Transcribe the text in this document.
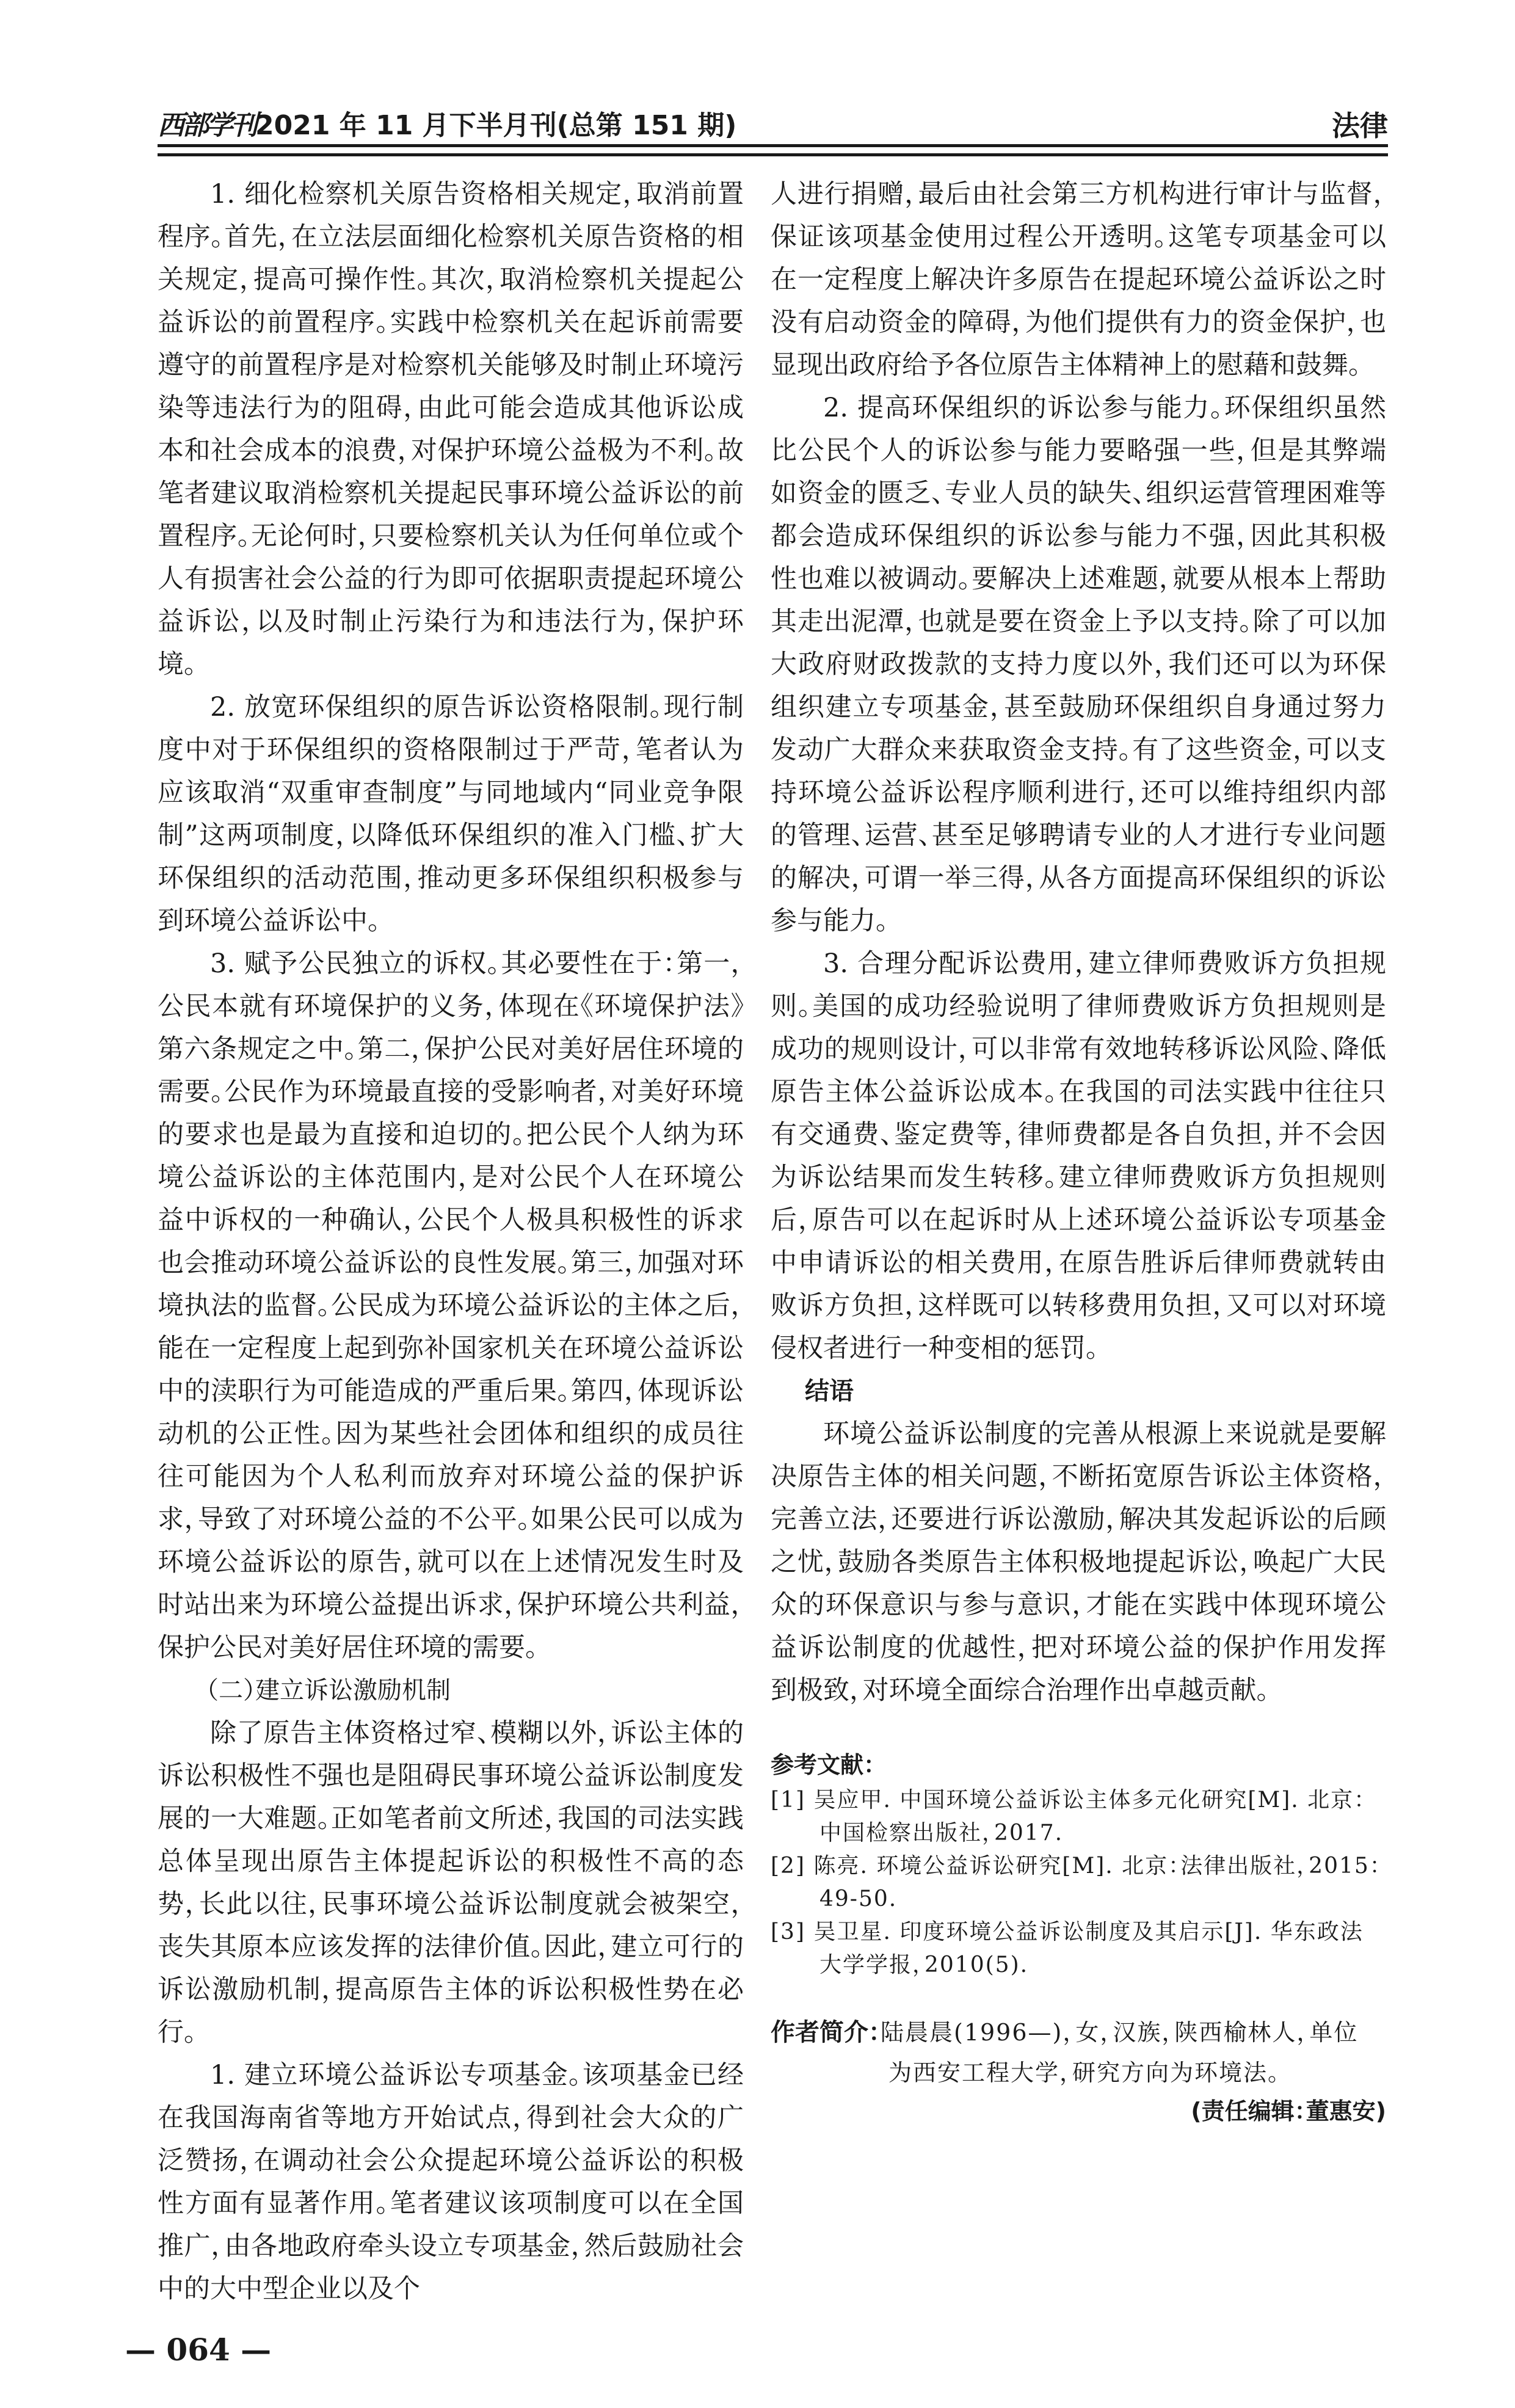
西部学刊2021 年 11 月下半月刊(总第 151 期)	法律

1. 细化检察机关原告资格相关规定，取消前置程序。首先，在立法层面细化检察机关原告资格的相关规定，提高可操作性。其次，取消检察机关提起公益诉讼的前置程序。实践中检察机关在起诉前需要遵守的前置程序是对检察机关能够及时制止环境污染等违法行为的阻碍，由此可能会造成其他诉讼成本和社会成本的浪费，对保护环境公益极为不利。故笔者建议取消检察机关提起民事环境公益诉讼的前置程序。无论何时，只要检察机关认为任何单位或个人有损害社会公益的行为即可依据职责提起环境公益诉讼，以及时制止污染行为和违法行为，保护环境。

2. 放宽环保组织的原告诉讼资格限制。现行制度中对于环保组织的资格限制过于严苛，笔者认为应该取消“双重审查制度”与同地域内“同业竞争限制”这两项制度，以降低环保组织的准入门槛、扩大环保组织的活动范围，推动更多环保组织积极参与到环境公益诉讼中。

3. 赋予公民独立的诉权。其必要性在于：第一，公民本就有环境保护的义务，体现在《环境保护法》第六条规定之中。第二，保护公民对美好居住环境的需要。公民作为环境最直接的受影响者，对美好环境的要求也是最为直接和迫切的。把公民个人纳为环境公益诉讼的主体范围内，是对公民个人在环境公益中诉权的一种确认，公民个人极具积极性的诉求也会推动环境公益诉讼的良性发展。第三，加强对环境执法的监督。公民成为环境公益诉讼的主体之后，能在一定程度上起到弥补国家机关在环境公益诉讼中的渎职行为可能造成的严重后果。第四，体现诉讼动机的公正性。因为某些社会团体和组织的成员往往可能因为个人私利而放弃对环境公益的保护诉求，导致了对环境公益的不公平。如果公民可以成为环境公益诉讼的原告，就可以在上述情况发生时及时站出来为环境公益提出诉求，保护环境公共利益，保护公民对美好居住环境的需要。

（二）建立诉讼激励机制

除了原告主体资格过窄、模糊以外，诉讼主体的诉讼积极性不强也是阻碍民事环境公益诉讼制度发展的一大难题。正如笔者前文所述，我国的司法实践总体呈现出原告主体提起诉讼的积极性不高的态势，长此以往，民事环境公益诉讼制度就会被架空，丧失其原本应该发挥的法律价值。因此，建立可行的诉讼激励机制，提高原告主体的诉讼积极性势在必行。

1. 建立环境公益诉讼专项基金。该项基金已经在我国海南省等地方开始试点，得到社会大众的广泛赞扬，在调动社会公众提起环境公益诉讼的积极性方面有显著作用。笔者建议该项制度可以在全国推广，由各地政府牵头设立专项基金，然后鼓励社会中的大中型企业以及个

人进行捐赠，最后由社会第三方机构进行审计与监督，保证该项基金使用过程公开透明。这笔专项基金可以在一定程度上解决许多原告在提起环境公益诉讼之时没有启动资金的障碍，为他们提供有力的资金保护，也显现出政府给予各位原告主体精神上的慰藉和鼓舞。

2. 提高环保组织的诉讼参与能力。环保组织虽然比公民个人的诉讼参与能力要略强一些，但是其弊端如资金的匮乏、专业人员的缺失、组织运营管理困难等都会造成环保组织的诉讼参与能力不强，因此其积极性也难以被调动。要解决上述难题，就要从根本上帮助其走出泥潭，也就是要在资金上予以支持。除了可以加大政府财政拨款的支持力度以外，我们还可以为环保组织建立专项基金，甚至鼓励环保组织自身通过努力发动广大群众来获取资金支持。有了这些资金，可以支持环境公益诉讼程序顺利进行，还可以维持组织内部的管理、运营、甚至足够聘请专业的人才进行专业问题的解决，可谓一举三得，从各方面提高环保组织的诉讼参与能力。

3. 合理分配诉讼费用，建立律师费败诉方负担规则。美国的成功经验说明了律师费败诉方负担规则是成功的规则设计，可以非常有效地转移诉讼风险、降低原告主体公益诉讼成本。在我国的司法实践中往往只有交通费、鉴定费等，律师费都是各自负担，并不会因为诉讼结果而发生转移。建立律师费败诉方负担规则后，原告可以在起诉时从上述环境公益诉讼专项基金中申请诉讼的相关费用，在原告胜诉后律师费就转由败诉方负担，这样既可以转移费用负担，又可以对环境侵权者进行一种变相的惩罚。

结语

环境公益诉讼制度的完善从根源上来说就是要解决原告主体的相关问题，不断拓宽原告诉讼主体资格，完善立法，还要进行诉讼激励，解决其发起诉讼的后顾之忧，鼓励各类原告主体积极地提起诉讼，唤起广大民众的环保意识与参与意识，才能在实践中体现环境公益诉讼制度的优越性，把对环境公益的保护作用发挥到极致，对环境全面综合治理作出卓越贡献。

参考文献：
[1] 吴应甲. 中国环境公益诉讼主体多元化研究[M]. 北京：中国检察出版社，2017.
[2] 陈亮. 环境公益诉讼研究[M]. 北京：法律出版社，2015：49-50.
[3] 吴卫星. 印度环境公益诉讼制度及其启示[J]. 华东政法大学学报，2010(5).
作者简介：陆晨晨(1996—)，女，汉族，陕西榆林人，单位
为西安工程大学，研究方向为环境法。
(责任编辑：董惠安)
— 064 —
